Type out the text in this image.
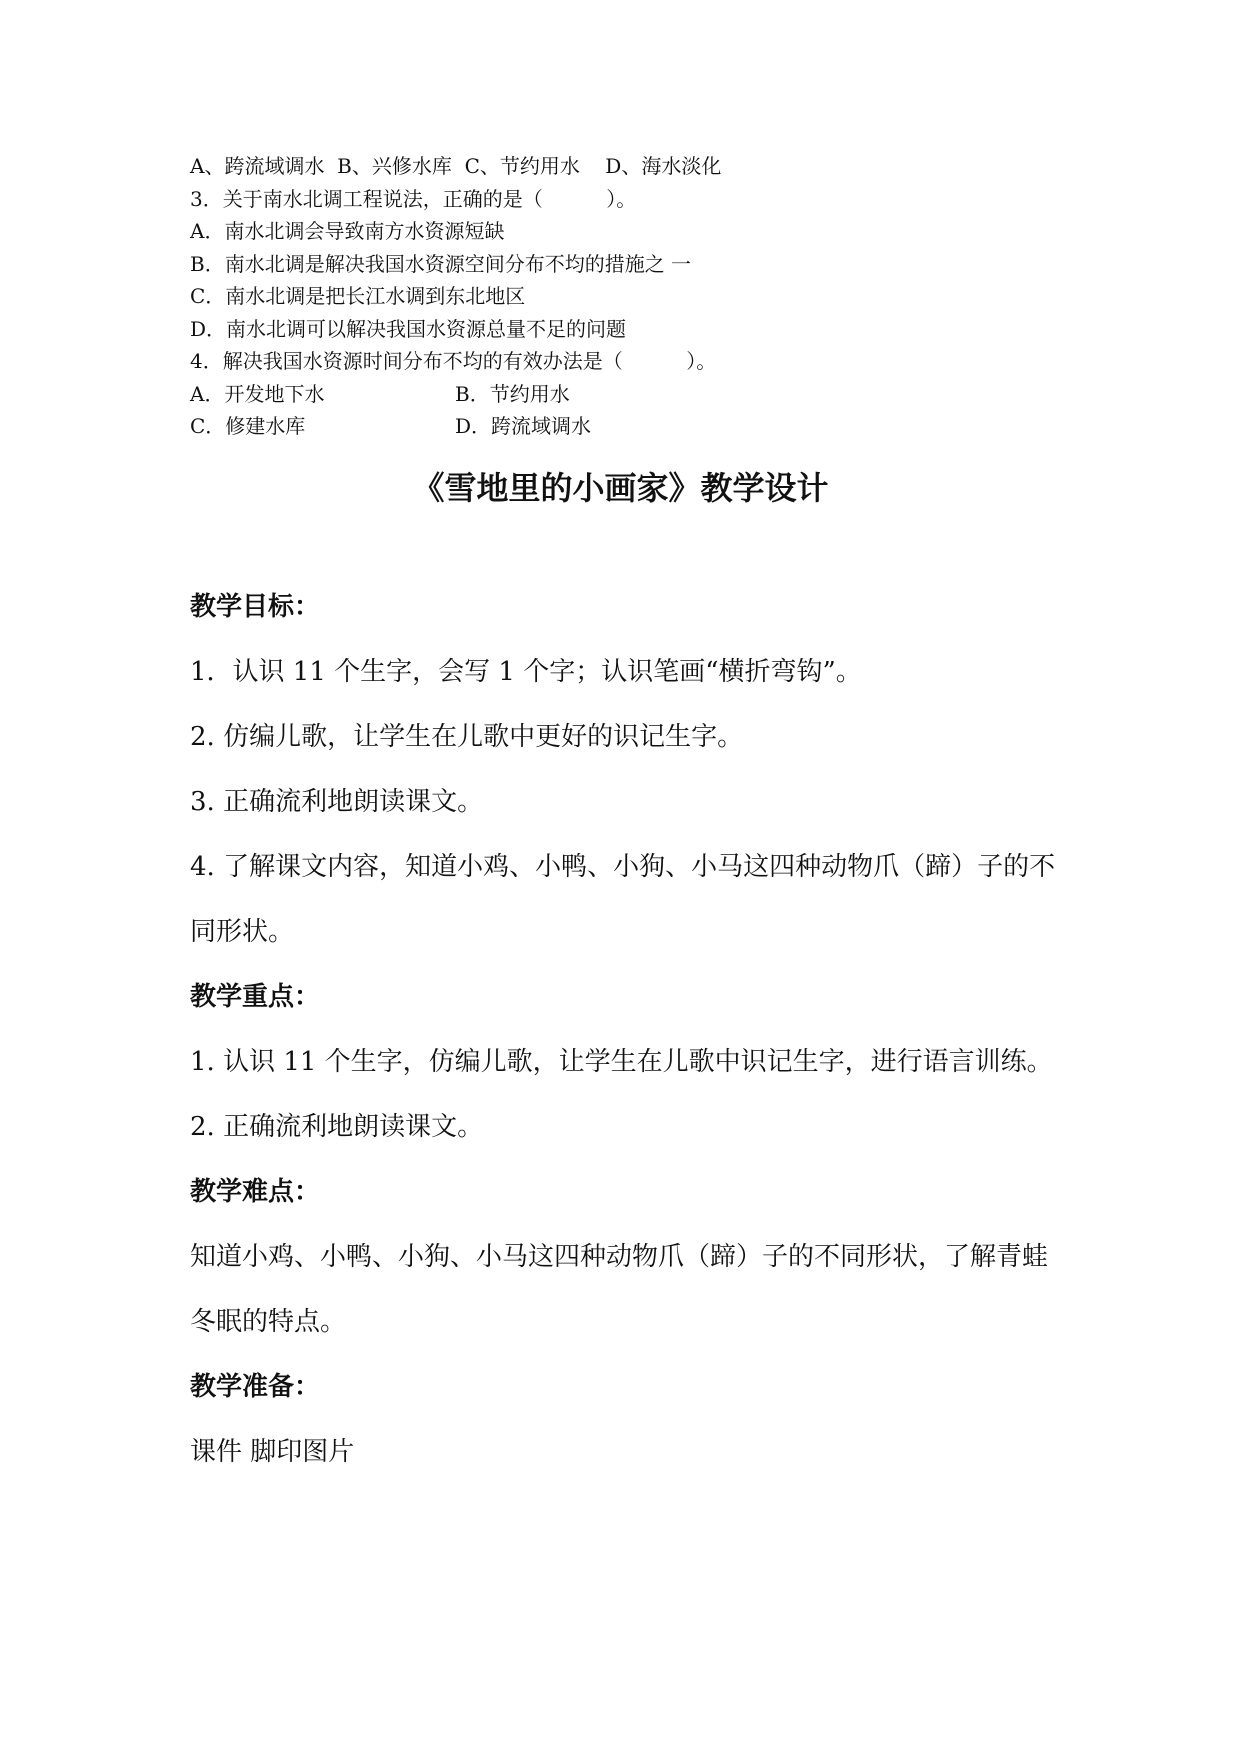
A、跨流域调水  B、兴修水库  C、节约用水    D、海水淡化
3．关于南水北调工程说法，正确的是（          ）。
A．南水北调会导致南方水资源短缺
B．南水北调是解决我国水资源空间分布不均的措施之 一
C．南水北调是把长江水调到东北地区
D．南水北调可以解决我国水资源总量不足的问题
4．解决我国水资源时间分布不均的有效办法是（          ）。
A．开发地下水	B．节约用水
C．修建水库	D．跨流域调水
《雪地里的小画家》教学设计
教学目标：
1．认识 11 个生字，会写 1 个字；认识笔画“横折弯钩”。
2. 仿编儿歌，让学生在儿歌中更好的识记生字。
3. 正确流利地朗读课文。
4. 了解课文内容，知道小鸡、小鸭、小狗、小马这四种动物爪（蹄）子的不同形状。
教学重点：
1. 认识 11 个生字，仿编儿歌，让学生在儿歌中识记生字，进行语言训练。
2. 正确流利地朗读课文。
教学难点：
知道小鸡、小鸭、小狗、小马这四种动物爪（蹄）子的不同形状，了解青蛙冬眠的特点。
教学准备：
课件 脚印图片
